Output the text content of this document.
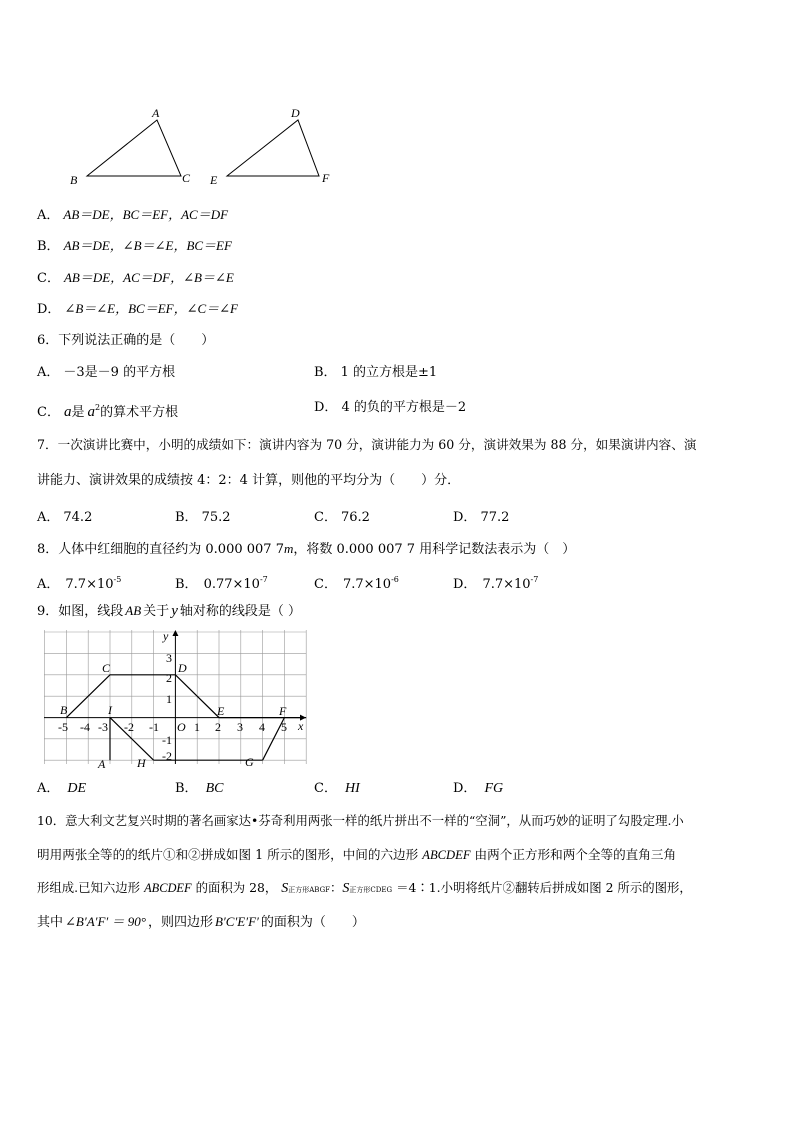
A
B	C
D
E	F
A． AB＝DE，BC＝EF，AC＝DF
B． AB＝DE，∠B＝∠E，BC＝EF
C． AB＝DE，AC＝DF，∠B＝∠E
D． ∠B＝∠E，BC＝EF，∠C＝∠F
6．下列说法正确的是（　　）
A． －3是－9 的平方根	B． 1 的立方根是±1
C． a是 $a^2$的算术平方根	D． 4 的负的平方根是－2
7．一次演讲比赛中，小明的成绩如下：演讲内容为 70 分，演讲能力为 60 分，演讲效果为 88 分，如果演讲内容、演
讲能力、演讲效果的成绩按 4：2：4 计算，则他的平均分为（　　）分．
A． 74.2	B． 75.2	C． 76.2	D． 77.2
8．人体中红细胞的直径约为 0.000 007 7m，将数 0.000 007 7 用科学记数法表示为（　）
A． $7.7\times 10^{-5}$	B． $0.77\times 10^{-7}$	C． $7.7\times 10^{-6}$	D． $7.7\times 10^{-7}$
9．如图，线段 AB 关于 y 轴对称的线段是（ ）
y
x
O
3
2
1
-1
-2
-5 -4 -3 -2 -1	1 2 3 4 5
B
C	D
E	F
I
A	H	G
A． DE	B． BC	C． HI	D． FG
10．意大利文艺复兴时期的著名画家达•芬奇利用两张一样的纸片拼出不一样的“空洞”，从而巧妙的证明了勾股定理.小
明用两张全等的的纸片①和②拼成如图 1 所示的图形，中间的六边形 ABCDEF 由两个正方形和两个全等的直角三角
形组成.已知六边形 ABCDEF 的面积为 28， S正方形ABGF：S正方形CDEG ＝4∶1.小明将纸片②翻转后拼成如图 2 所示的图形，
其中 ∠B′A′F′ ＝ 90° ，则四边形 B′C′E′F′ 的面积为（　　）
